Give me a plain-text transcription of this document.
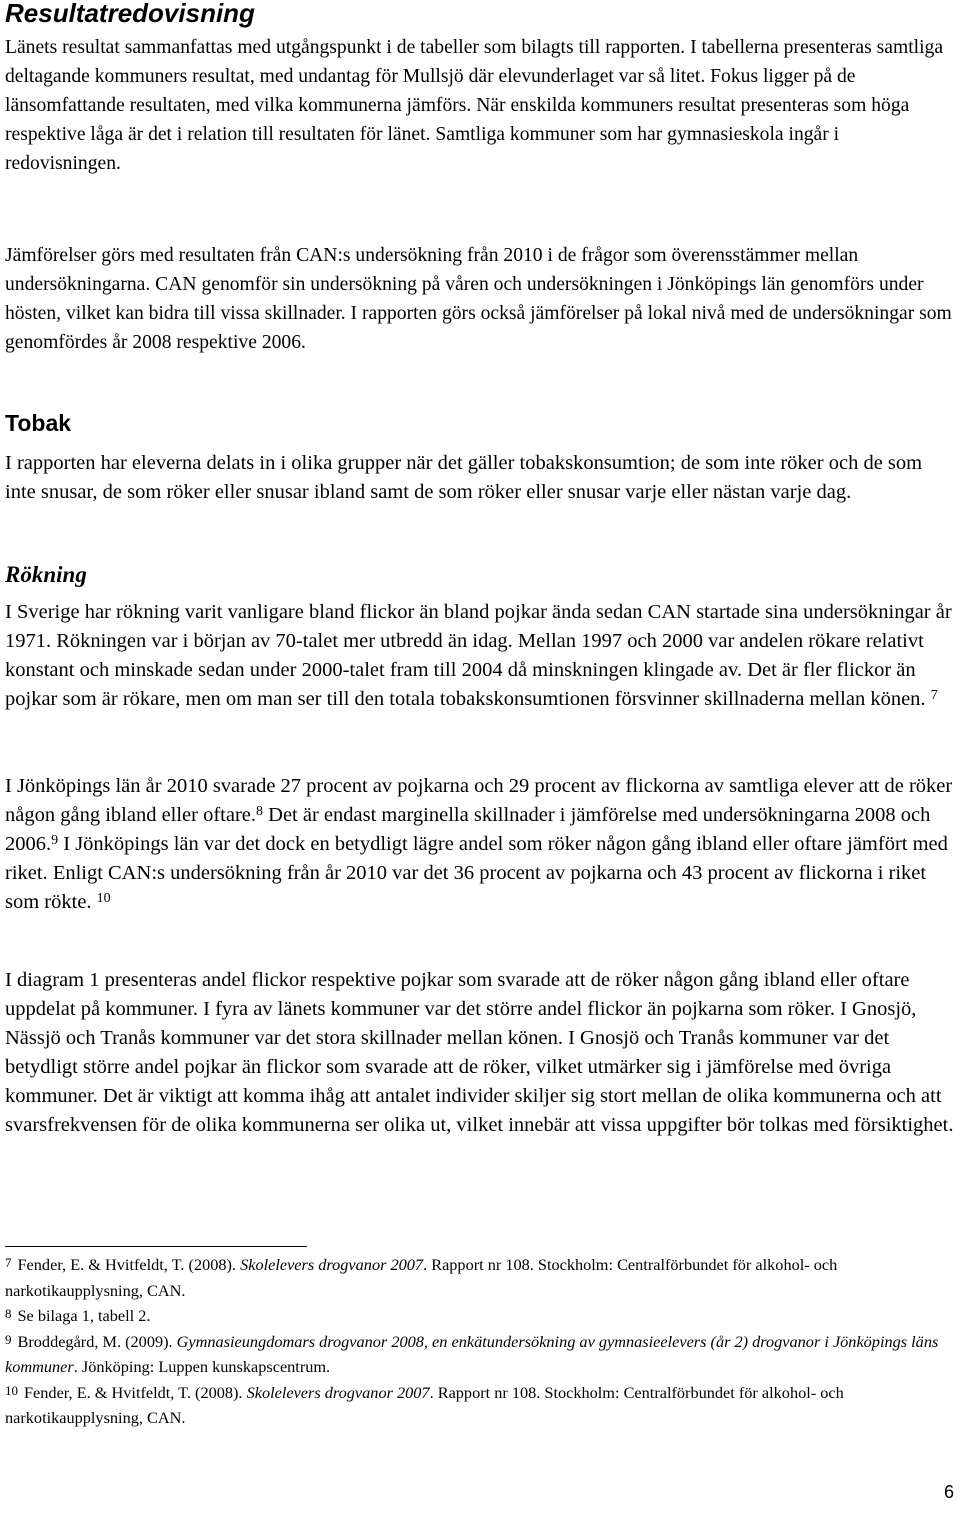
Resultatredovisning

Länets resultat sammanfattas med utgångspunkt i de tabeller som bilagts till rapporten. I tabellerna presenteras samtliga deltagande kommuners resultat, med undantag för Mullsjö där elevunderlaget var så litet. Fokus ligger på de länsomfattande resultaten, med vilka kommunerna jämförs. När enskilda kommuners resultat presenteras som höga respektive låga är det i relation till resultaten för länet. Samtliga kommuner som har gymnasieskola ingår i redovisningen.

Jämförelser görs med resultaten från CAN:s undersökning från 2010 i de frågor som överensstämmer mellan undersökningarna. CAN genomför sin undersökning på våren och undersökningen i Jönköpings län genomförs under hösten, vilket kan bidra till vissa skillnader. I rapporten görs också jämförelser på lokal nivå med de undersökningar som genomfördes år 2008 respektive 2006.

Tobak

I rapporten har eleverna delats in i olika grupper när det gäller tobakskonsumtion; de som inte röker och de som inte snusar, de som röker eller snusar ibland samt de som röker eller snusar varje eller nästan varje dag.

Rökning

I Sverige har rökning varit vanligare bland flickor än bland pojkar ända sedan CAN startade sina undersökningar år 1971. Rökningen var i början av 70-talet mer utbredd än idag. Mellan 1997 och 2000 var andelen rökare relativt konstant och minskade sedan under 2000-talet fram till 2004 då minskningen klingade av. Det är fler flickor än pojkar som är rökare, men om man ser till den totala tobakskonsumtionen försvinner skillnaderna mellan könen. $^7$

I Jönköpings län år 2010 svarade 27 procent av pojkarna och 29 procent av flickorna av samtliga elever att de röker någon gång ibland eller oftare.$^8$ Det är endast marginella skillnader i jämförelse med undersökningarna 2008 och 2006.$^9$ I Jönköpings län var det dock en betydligt lägre andel som röker någon gång ibland eller oftare jämfört med riket. Enligt CAN:s undersökning från år 2010 var det 36 procent av pojkarna och 43 procent av flickorna i riket som rökte. $^{10}$

I diagram 1 presenteras andel flickor respektive pojkar som svarade att de röker någon gång ibland eller oftare uppdelat på kommuner. I fyra av länets kommuner var det större andel flickor än pojkarna som röker. I Gnosjö, Nässjö och Tranås kommuner var det stora skillnader mellan könen. I Gnosjö och Tranås kommuner var det betydligt större andel pojkar än flickor som svarade att de röker, vilket utmärker sig i jämförelse med övriga kommuner. Det är viktigt att komma ihåg att antalet individer skiljer sig stort mellan de olika kommunerna och att svarsfrekvensen för de olika kommunerna ser olika ut, vilket innebär att vissa uppgifter bör tolkas med försiktighet.

$^7$ Fender, E. & Hvitfeldt, T. (2008). Skolelevers drogvanor 2007. Rapport nr 108. Stockholm: Centralförbundet för alkohol- och narkotikaupplysning, CAN.

$^8$ Se bilaga 1, tabell 2.

$^9$ Broddegård, M. (2009). Gymnasieungdomars drogvanor 2008, en enkätundersökning av gymnasieelevers (år 2) drogvanor i Jönköpings läns kommuner. Jönköping: Luppen kunskapscentrum.

$^{10}$ Fender, E. & Hvitfeldt, T. (2008). Skolelevers drogvanor 2007. Rapport nr 108. Stockholm: Centralförbundet för alkohol- och narkotikaupplysning, CAN.

6
